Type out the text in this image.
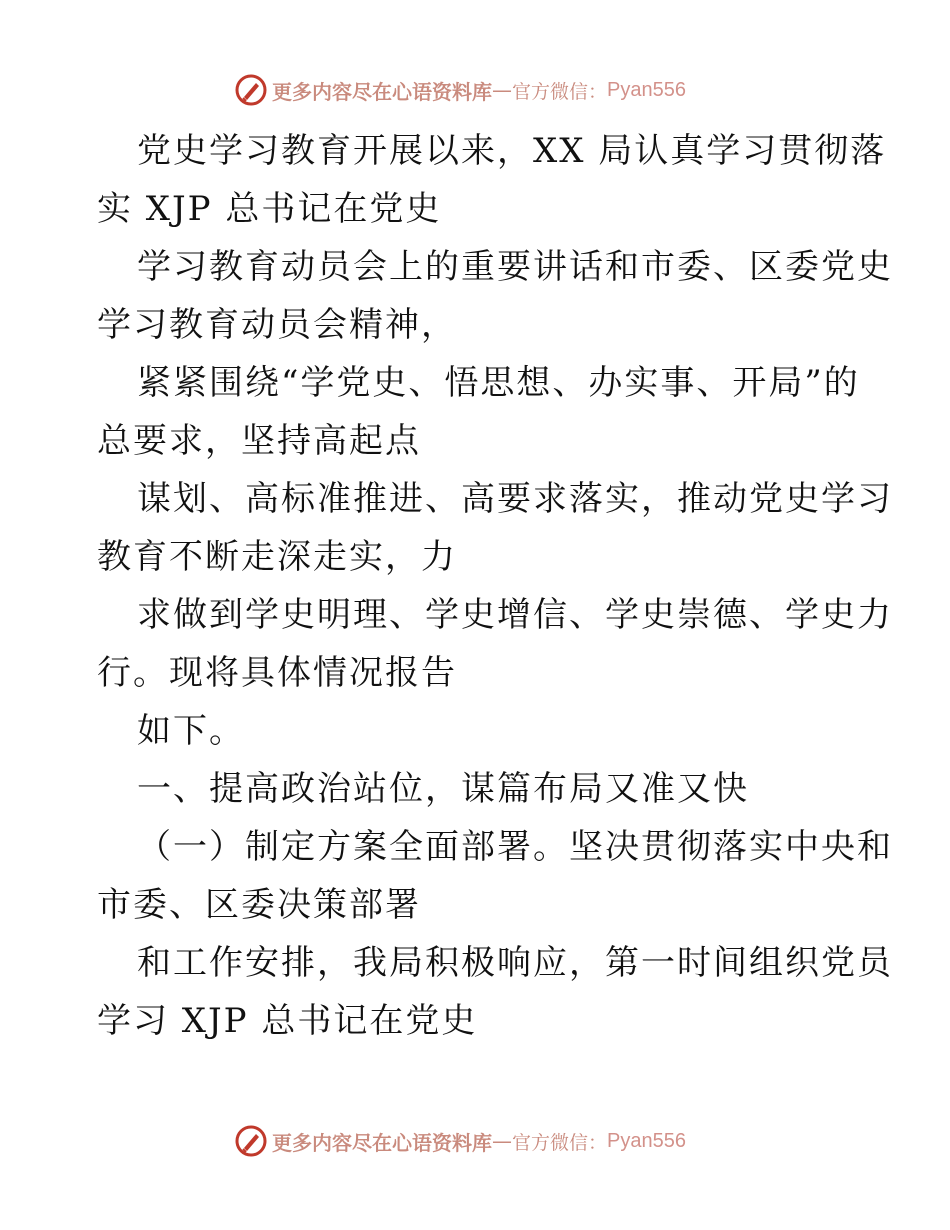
更多内容尽在心语资料库 — 官方微信： Pyan556

党史学习教育开展以来，XX 局认真学习贯彻落

实 XJP 总书记在党史

学习教育动员会上的重要讲话和市委、区委党史

学习教育动员会精神，

紧紧围绕“学党史、悟思想、办实事、开局”的

总要求，坚持高起点

谋划、高标准推进、高要求落实，推动党史学习

教育不断走深走实，力

求做到学史明理、学史增信、学史崇德、学史力

行。现将具体情况报告

如下。

一、提高政治站位，谋篇布局又准又快

（一）制定方案全面部署。坚决贯彻落实中央和

市委、区委决策部署

和工作安排，我局积极响应，第一时间组织党员

学习 XJP 总书记在党史

更多内容尽在心语资料库 — 官方微信： Pyan556
